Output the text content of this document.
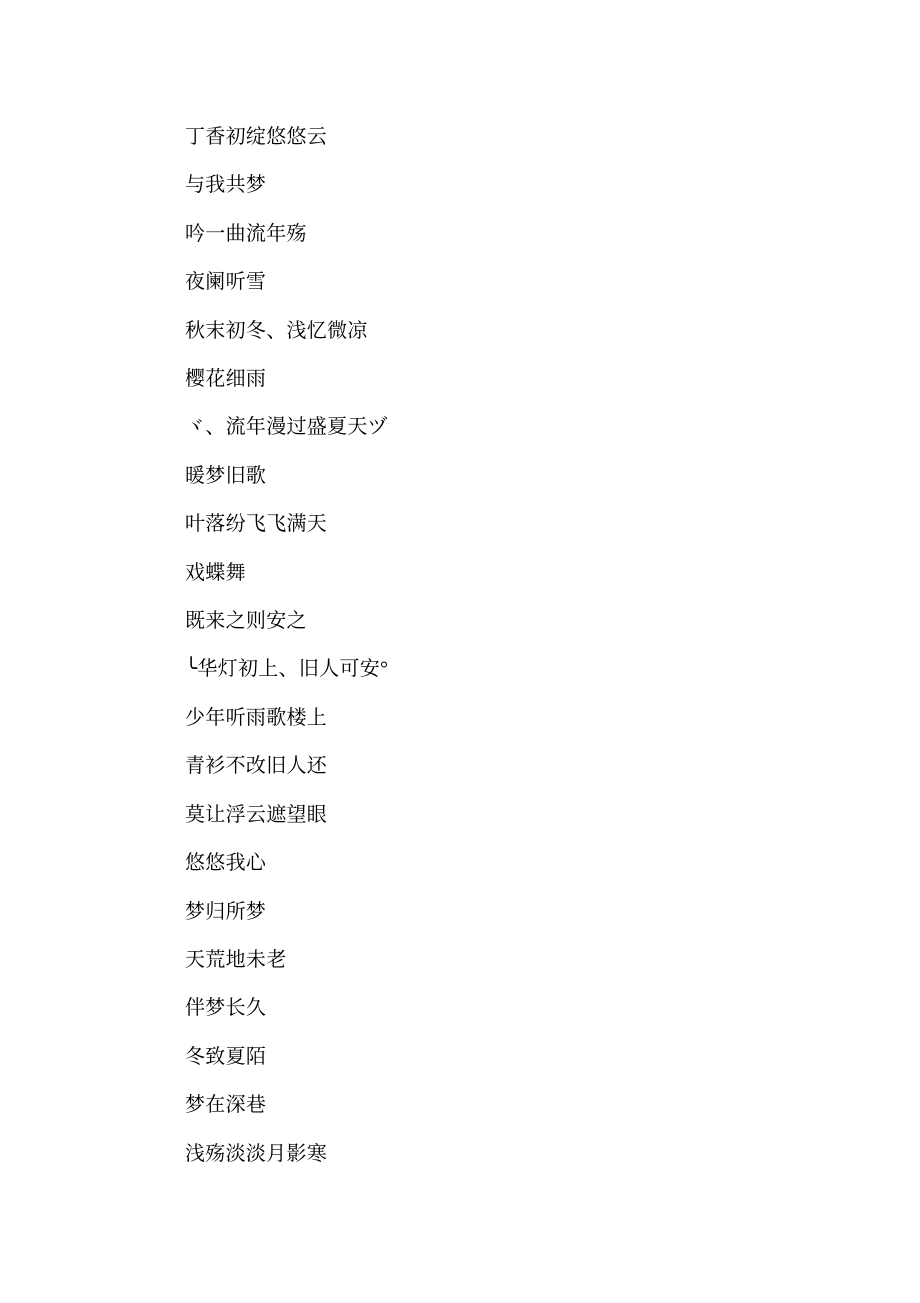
丁香初绽悠悠云

与我共梦

吟一曲流年殇

夜阑听雪

秋末初冬、浅忆微凉

樱花细雨

ヾ、流年漫过盛夏天ヅ

暖梦旧歌

叶落纷飞飞满天

戏蝶舞

既来之则安之

╰华灯初上、旧人可安°

少年听雨歌楼上

青衫不改旧人还

莫让浮云遮望眼

悠悠我心

梦归所梦

天荒地未老

伴梦长久

冬致夏陌

梦在深巷

浅殇淡淡月影寒
